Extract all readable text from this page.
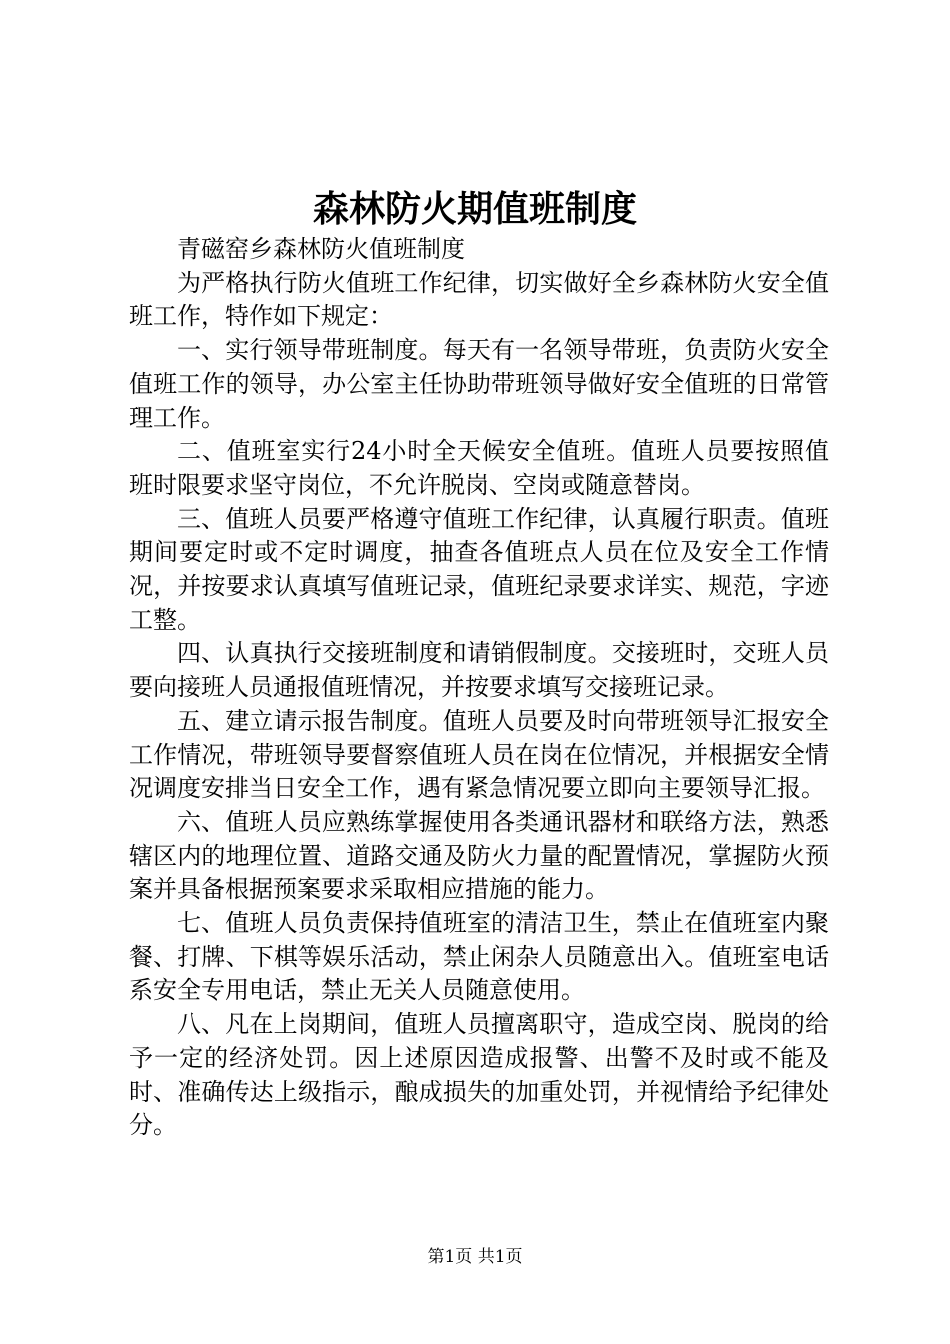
森林防火期值班制度

青磁窑乡森林防火值班制度

为严格执行防火值班工作纪律，切实做好全乡森林防火安全值班工作，特作如下规定：

一、实行领导带班制度。每天有一名领导带班，负责防火安全值班工作的领导，办公室主任协助带班领导做好安全值班的日常管理工作。

二、值班室实行24小时全天候安全值班。值班人员要按照值班时限要求坚守岗位，不允许脱岗、空岗或随意替岗。

三、值班人员要严格遵守值班工作纪律，认真履行职责。值班期间要定时或不定时调度，抽查各值班点人员在位及安全工作情况，并按要求认真填写值班记录，值班纪录要求详实、规范，字迹工整。

四、认真执行交接班制度和请销假制度。交接班时，交班人员要向接班人员通报值班情况，并按要求填写交接班记录。

五、建立请示报告制度。值班人员要及时向带班领导汇报安全工作情况，带班领导要督察值班人员在岗在位情况，并根据安全情况调度安排当日安全工作，遇有紧急情况要立即向主要领导汇报。

六、值班人员应熟练掌握使用各类通讯器材和联络方法，熟悉辖区内的地理位置、道路交通及防火力量的配置情况，掌握防火预案并具备根据预案要求采取相应措施的能力。

七、值班人员负责保持值班室的清洁卫生，禁止在值班室内聚餐、打牌、下棋等娱乐活动，禁止闲杂人员随意出入。值班室电话系安全专用电话，禁止无关人员随意使用。

八、凡在上岗期间，值班人员擅离职守，造成空岗、脱岗的给予一定的经济处罚。因上述原因造成报警、出警不及时或不能及时、准确传达上级指示，酿成损失的加重处罚，并视情给予纪律处分。

第1页 共1页
